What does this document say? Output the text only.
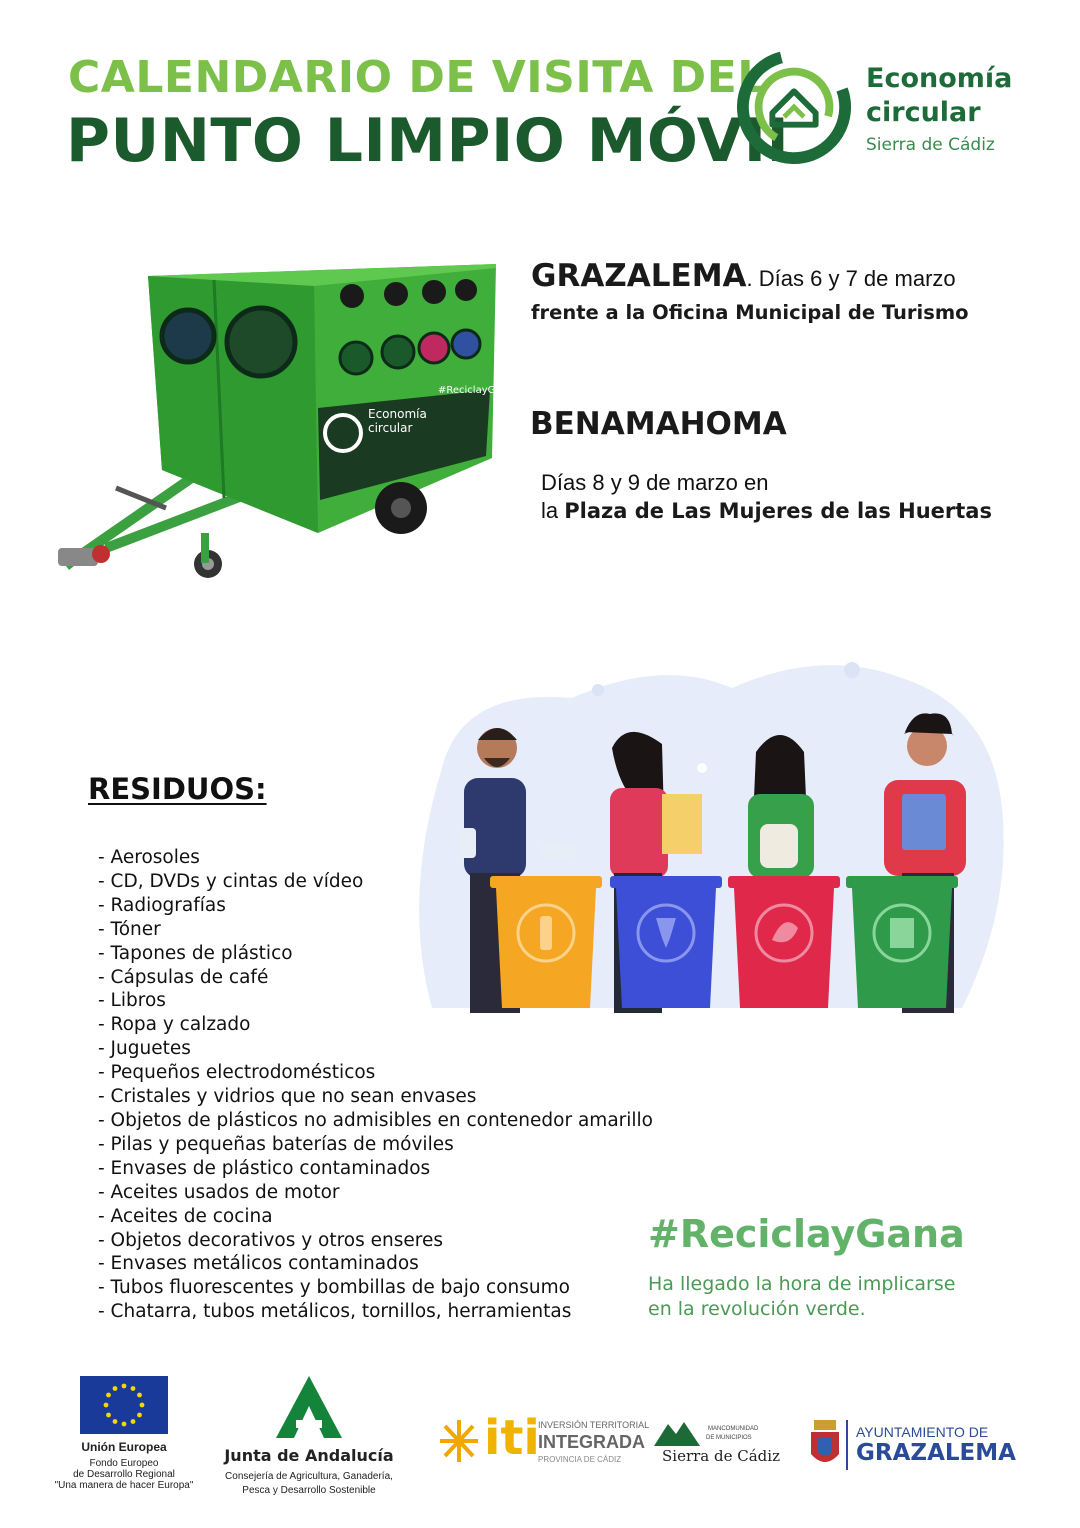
CALENDARIO DE VISITA DEL
PUNTO LIMPIO MÓVIL
Economía
circular
Sierra de Cádiz
Economía
circular
#ReciclayGana
GRAZALEMA. Días 6 y 7 de marzo
frente a la Oficina Municipal de Turismo
BENAMAHOMA
Días 8 y 9 de marzo en
la Plaza de Las Mujeres de las Huertas
RESIDUOS:
- Aerosoles
- CD, DVDs y cintas de vídeo
- Radiografías
- Tóner
- Tapones de plástico
- Cápsulas de café
- Libros
- Ropa y calzado
- Juguetes
- Pequeños electrodomésticos
- Cristales y vidrios que no sean envases
- Objetos de plásticos no admisibles en contenedor amarillo
- Pilas y pequeñas baterías de móviles
- Envases de plástico contaminados
- Aceites usados de motor
- Aceites de cocina
- Objetos decorativos y otros enseres
- Envases metálicos contaminados
- Tubos fluorescentes y bombillas de bajo consumo
- Chatarra, tubos metálicos, tornillos, herramientas
#ReciclayGana
Ha llegado la hora de implicarse
en la revolución verde.
Unión Europea
Fondo Europeo
de Desarrollo Regional
"Una manera de hacer Europa"
Junta de Andalucía
Consejería de Agricultura, Ganadería,
Pesca y Desarrollo Sostenible
iti
INVERSIÓN TERRITORIAL
INTEGRADA
PROVINCIA DE CÁDIZ
MANCOMUNIDAD
DE MUNICIPIOS
Sierra de Cádiz
AYUNTAMIENTO DE
GRAZALEMA
